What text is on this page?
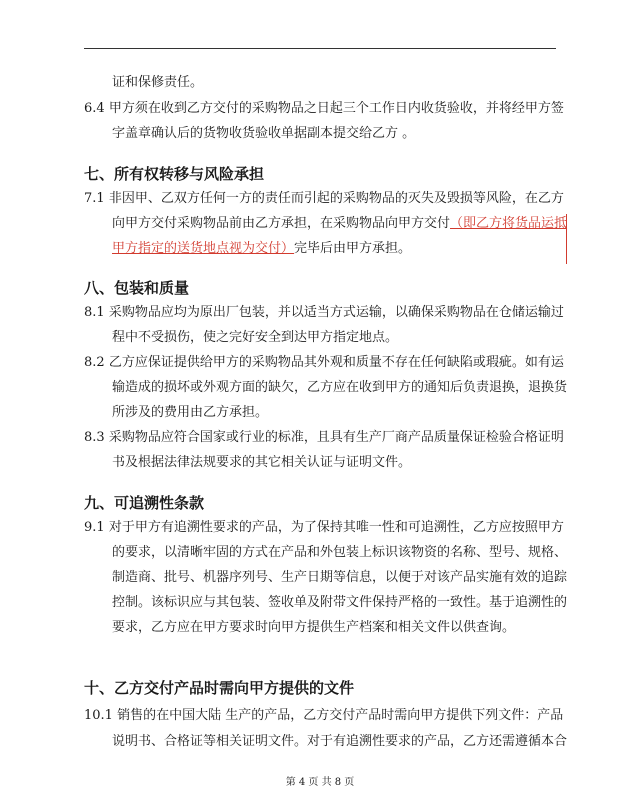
证和保修责任。
6.4 甲方须在收到乙方交付的采购物品之日起三个工作日内收货验收，并将经甲方签
字盖章确认后的货物收货验收单据副本提交给乙方 。
七、所有权转移与风险承担
7.1 非因甲、乙双方任何一方的责任而引起的采购物品的灭失及毁损等风险，在乙方
向甲方交付采购物品前由乙方承担，在采购物品向甲方交付（即乙方将货品运抵
甲方指定的送货地点视为交付）完毕后由甲方承担。
八、包装和质量
8.1 采购物品应均为原出厂包装，并以适当方式运输，以确保采购物品在仓储运输过
程中不受损伤，使之完好安全到达甲方指定地点。
8.2 乙方应保证提供给甲方的采购物品其外观和质量不存在任何缺陷或瑕疵。如有运
输造成的损坏或外观方面的缺欠，乙方应在收到甲方的通知后负责退换，退换货
所涉及的费用由乙方承担。
8.3 采购物品应符合国家或行业的标准，且具有生产厂商产品质量保证检验合格证明
书及根据法律法规要求的其它相关认证与证明文件。
九、可追溯性条款
9.1 对于甲方有追溯性要求的产品，为了保持其唯一性和可追溯性，乙方应按照甲方
的要求，以清晰牢固的方式在产品和外包装上标识该物资的名称、型号、规格、
制造商、批号、机器序列号、生产日期等信息，以便于对该产品实施有效的追踪
控制。该标识应与其包装、签收单及附带文件保持严格的一致性。基于追溯性的
要求，乙方应在甲方要求时向甲方提供生产档案和相关文件以供查询。
十、乙方交付产品时需向甲方提供的文件
10.1 销售的在中国大陆 生产的产品，乙方交付产品时需向甲方提供下列文件：产品
说明书、合格证等相关证明文件。对于有追溯性要求的产品，乙方还需遵循本合
第 4 页 共 8 页
